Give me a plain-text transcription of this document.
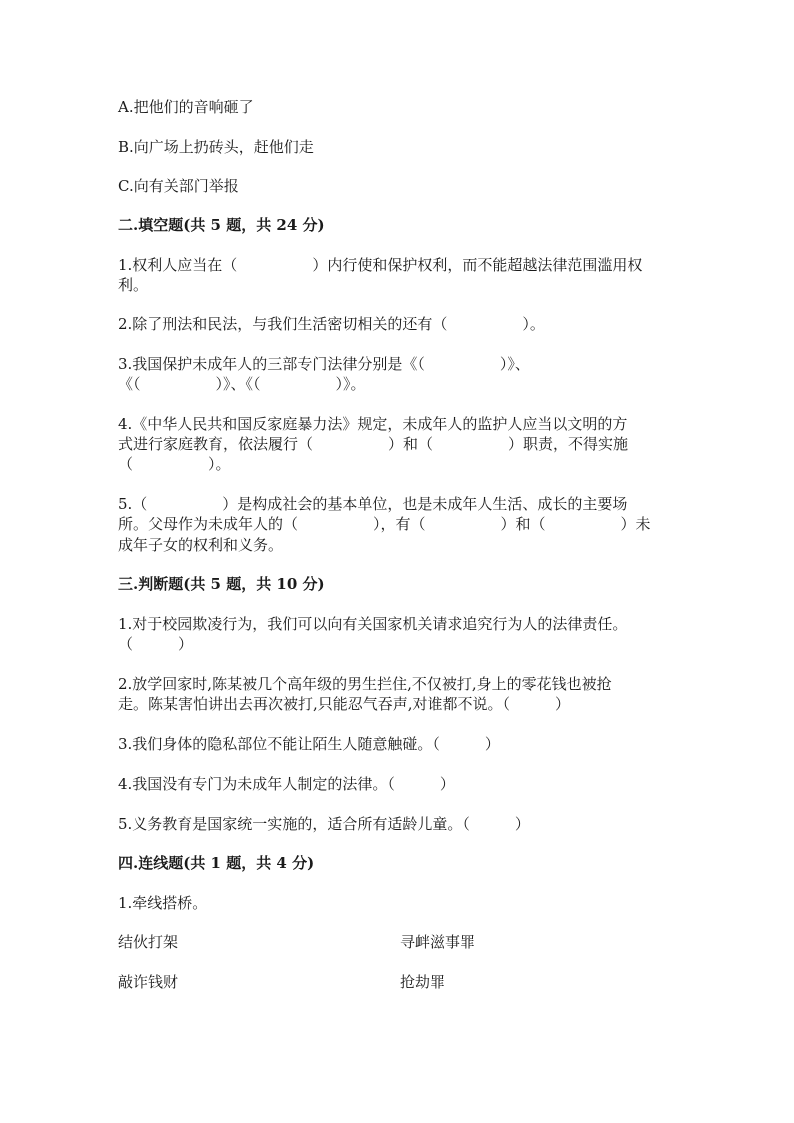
A.把他们的音响砸了
B.向广场上扔砖头，赶他们走
C.向有关部门举报
二.填空题(共 5 题，共 24 分)
1.权利人应当在（　　　　　）内行使和保护权利，而不能超越法律范围滥用权
利。
2.除了刑法和民法，与我们生活密切相关的还有（　　　　　）。
3.我国保护未成年人的三部专门法律分别是《（　　　　　）》、
《（　　　　　）》、《（　　　　　）》。
4.《中华人民共和国反家庭暴力法》规定，未成年人的监护人应当以文明的方
式进行家庭教育，依法履行（　　　　　）和（　　　　　）职责，不得实施
（　　　　　）。
5.（　　　　　）是构成社会的基本单位，也是未成年人生活、成长的主要场
所。父母作为未成年人的（　　　　　），有（　　　　　）和（　　　　　）未
成年子女的权利和义务。
三.判断题(共 5 题，共 10 分)
1.对于校园欺凌行为，我们可以向有关国家机关请求追究行为人的法律责任。
（　　　）
2.放学回家时,陈某被几个高年级的男生拦住,不仅被打,身上的零花钱也被抢
走。陈某害怕讲出去再次被打,只能忍气吞声,对谁都不说。（　　　）
3.我们身体的隐私部位不能让陌生人随意触碰。（　　　）
4.我国没有专门为未成年人制定的法律。（　　　）
5.义务教育是国家统一实施的，适合所有适龄儿童。（　　　）
四.连线题(共 1 题，共 4 分)
1.牵线搭桥。
结伙打架	寻衅滋事罪
敲诈钱财	抢劫罪
